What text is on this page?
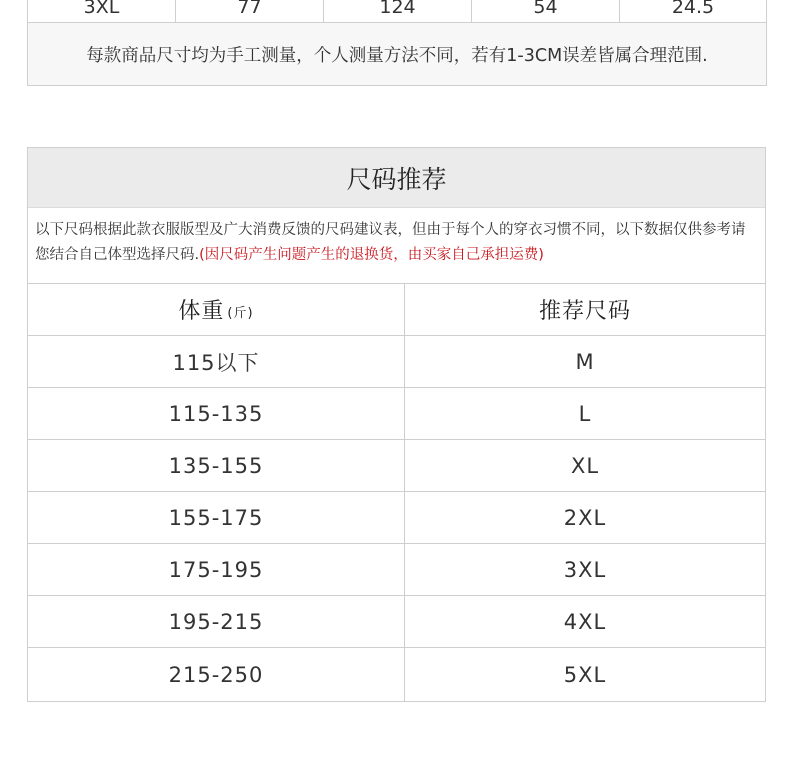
3XL	77	124	54	24.5
每款商品尺寸均为手工测量，个人测量方法不同，若有1-3CM误差皆属合理范围.
尺码推荐
以下尺码根据此款衣服版型及广大消费反馈的尺码建议表，但由于每个人的穿衣习惯不同，以下数据仅供参考请您结合自己体型选择尺码.(因尺码产生问题产生的退换货，由买家自己承担运费)
体重 (斤)	推荐尺码
115以下	M
115-135	L
135-155	XL
155-175	2XL
175-195	3XL
195-215	4XL
215-250	5XL
